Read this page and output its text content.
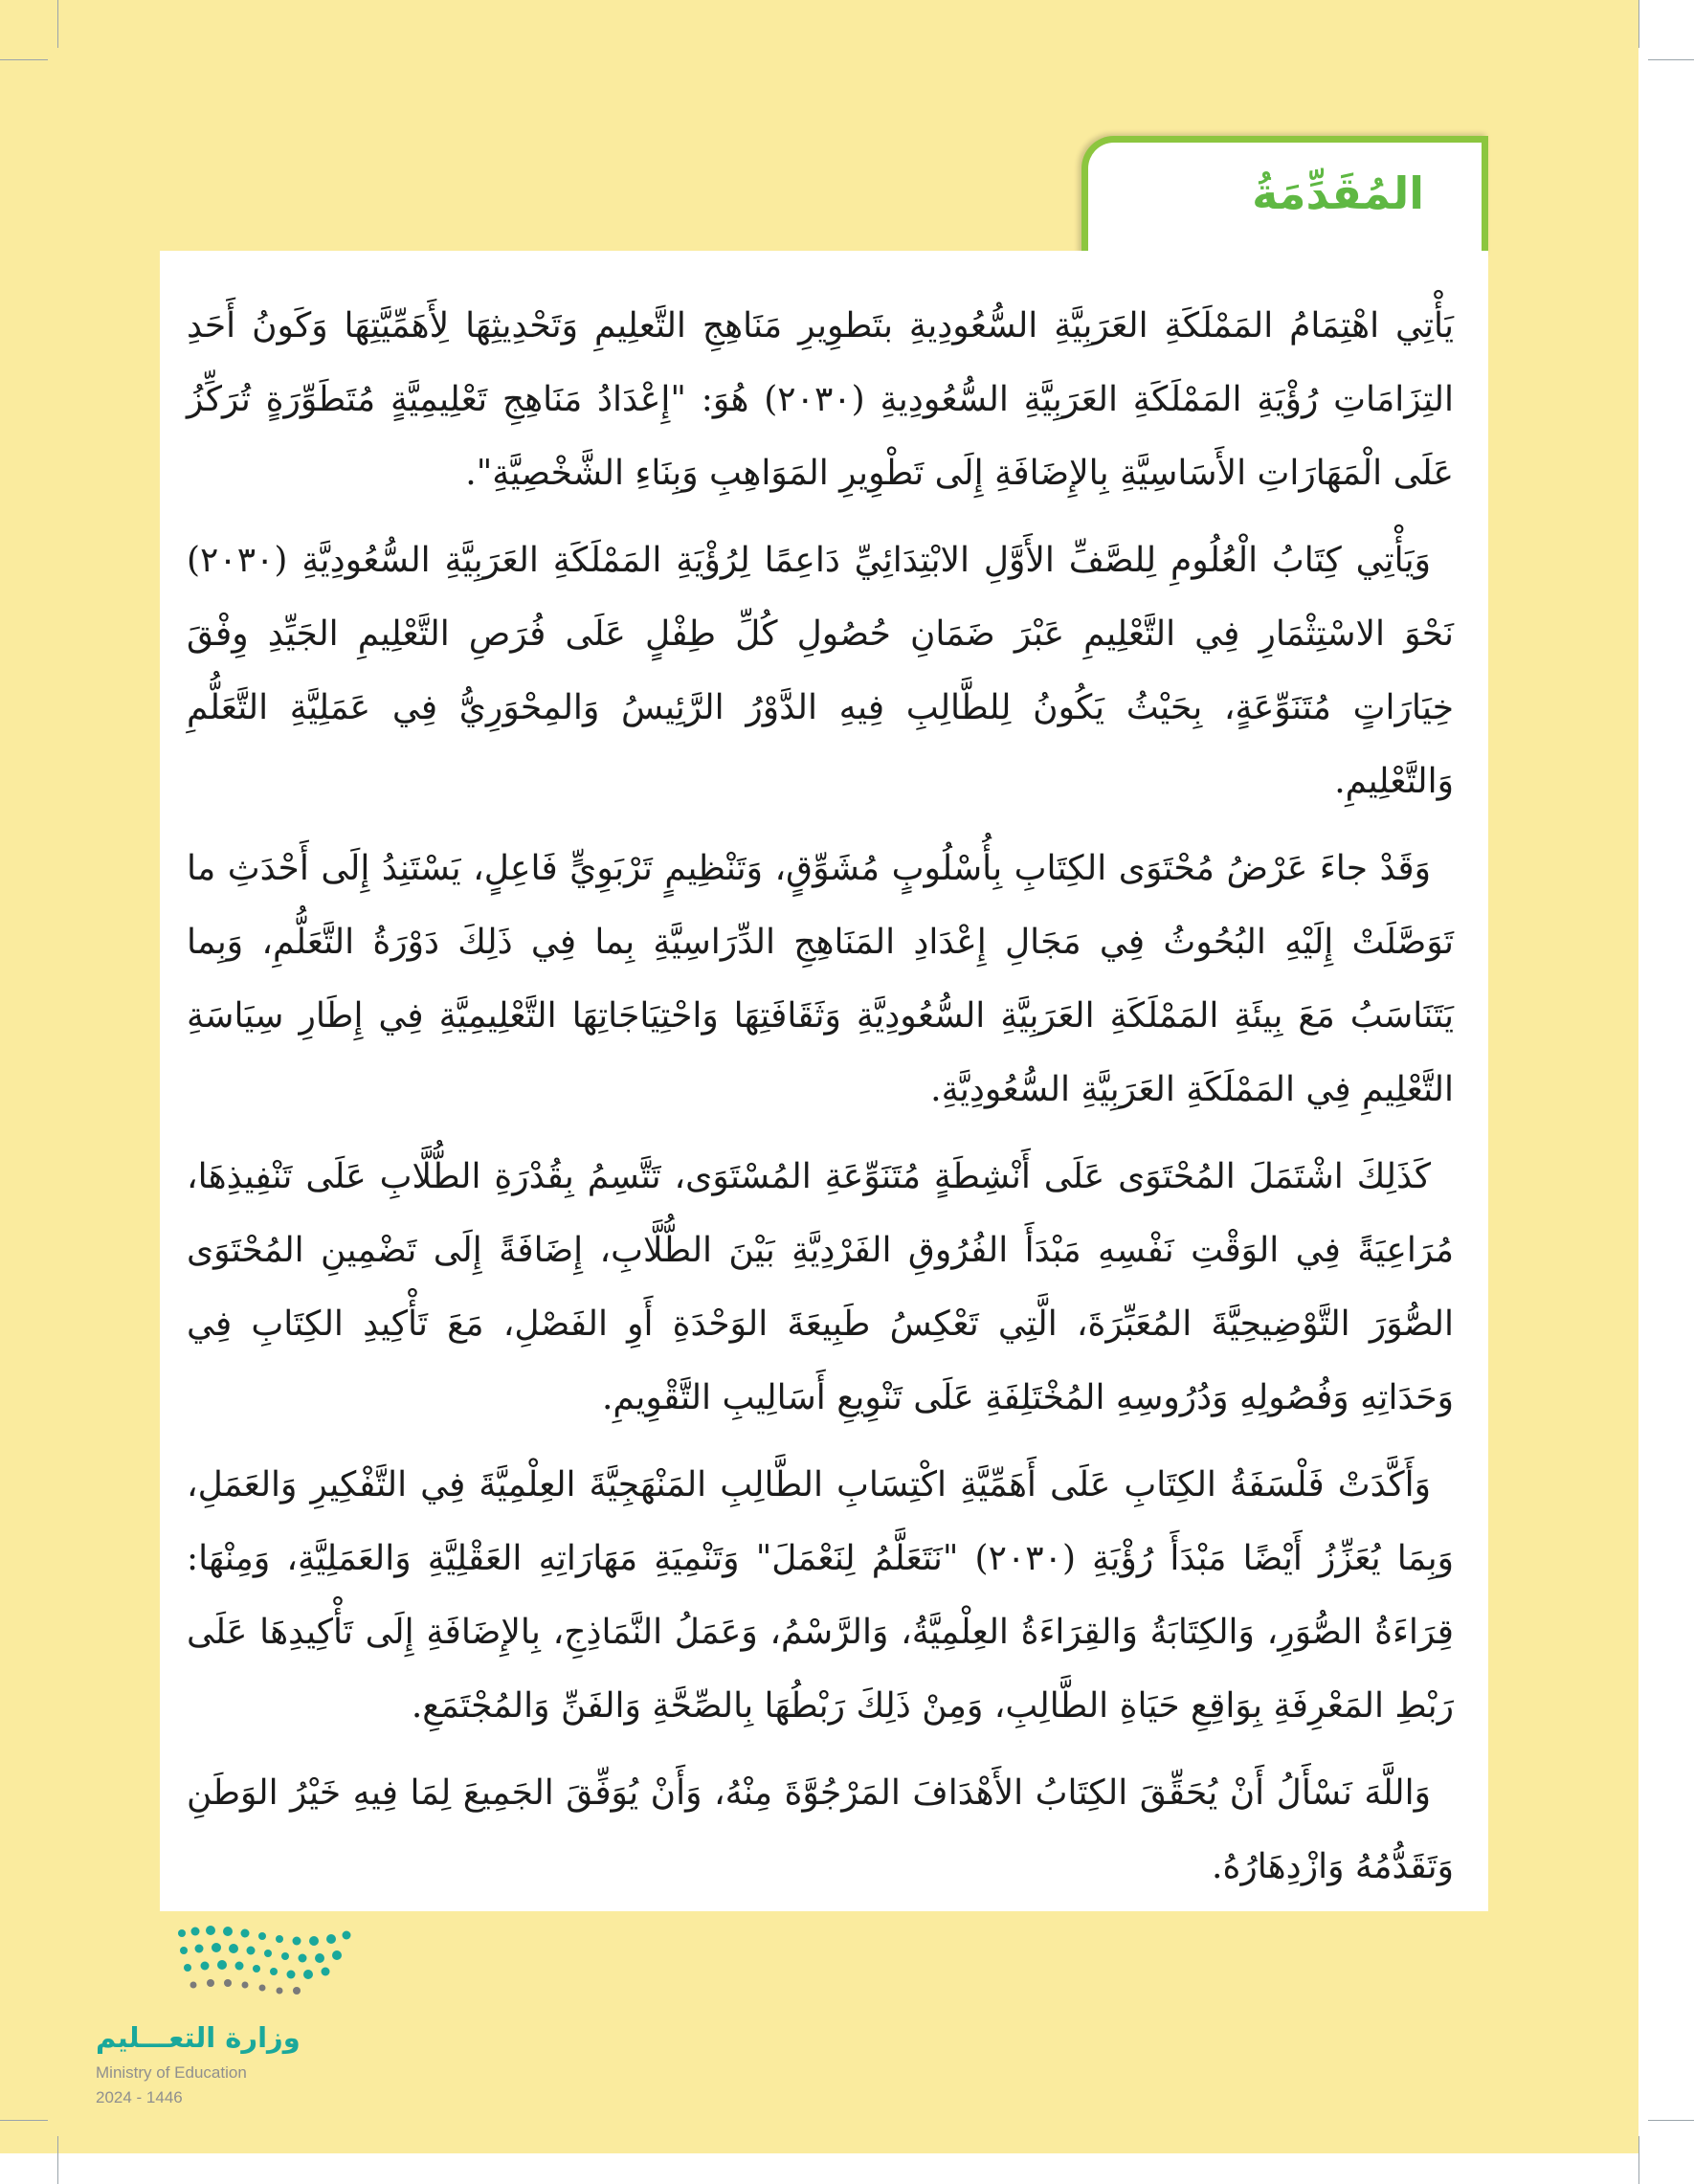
المُقَدِّمَةُ

يَأْتِي اهْتِمَامُ المَمْلَكَةِ العَرَبِيَّةِ السُّعُودِيةِ بتَطوِيرِ مَنَاهِجِ التَّعلِيمِ وَتَحْدِيثِهَا لِأَهَمِّيَّتِهَا وَكَونُ أَحَدِ التِزَامَاتِ رُؤْيَةِ المَمْلَكَةِ العَرَبِيَّةِ السُّعُودِيةِ (٢٠٣٠) هُوَ: "إِعْدَادُ مَنَاهِجِ تَعْلِيمِيَّةٍ مُتَطَوِّرَةٍ تُرَكِّزُ عَلَى الْمَهَارَاتِ الأَسَاسِيَّةِ بِالإِضَافَةِ إِلَى تَطْوِيرِ المَوَاهِبِ وَبِنَاءِ الشَّخْصِيَّةِ".

وَيَأْتِي كِتَابُ الْعُلُومِ لِلصَّفِّ الأَوَّلِ الابْتِدَائِيِّ دَاعِمًا لِرُؤْيَةِ المَمْلَكَةِ العَرَبِيَّةِ السُّعُودِيَّةِ (٢٠٣٠) نَحْوَ الاسْتِثْمَارِ فِي التَّعْلِيمِ عَبْرَ ضَمَانِ حُصُولِ كُلِّ طِفْلٍ عَلَى فُرَصِ التَّعْلِيمِ الجَيِّدِ وِفْقَ خِيَارَاتٍ مُتَنَوِّعَةٍ، بِحَيْثُ يَكُونُ لِلطَّالِبِ فِيهِ الدَّوْرُ الرَّئِيسُ وَالمِحْوَرِيُّ فِي عَمَلِيَّةِ التَّعَلُّمِ وَالتَّعْلِيمِ.

وَقَدْ جاءَ عَرْضُ مُحْتَوَى الكِتَابِ بِأُسْلُوبٍ مُشَوِّقٍ، وَتَنْظِيمٍ تَرْبَوِيٍّ فَاعِلٍ، يَسْتَنِدُ إِلَى أَحْدَثِ ما تَوَصَّلَتْ إِلَيْهِ البُحُوثُ فِي مَجَالِ إِعْدَادِ المَنَاهِجِ الدِّرَاسِيَّةِ بِما فِي ذَلِكَ دَوْرَةُ التَّعَلُّمِ، وَبِما يَتَنَاسَبُ مَعَ بِيئَةِ المَمْلَكَةِ العَرَبِيَّةِ السُّعُودِيَّةِ وَثَقَافَتِهَا وَاحْتِيَاجَاتِهَا التَّعْلِيمِيَّةِ فِي إِطَارِ سِيَاسَةِ التَّعْلِيمِ فِي المَمْلَكَةِ العَرَبِيَّةِ السُّعُودِيَّةِ.

كَذَلِكَ اشْتَمَلَ المُحْتَوَى عَلَى أَنْشِطَةٍ مُتَنَوِّعَةِ المُسْتَوَى، تَتَّسِمُ بِقُدْرَةِ الطُّلَّابِ عَلَى تَنْفِيذِهَا، مُرَاعِيَةً فِي الوَقْتِ نَفْسِهِ مَبْدَأَ الفُرُوقِ الفَرْدِيَّةِ بَيْنَ الطُّلَّابِ، إِضَافَةً إِلَى تَضْمِينِ المُحْتَوَى الصُّوَرَ التَّوْضِيحِيَّةَ المُعَبِّرَةَ، الَّتِي تَعْكِسُ طَبِيعَةَ الوَحْدَةِ أَوِ الفَصْلِ، مَعَ تَأْكِيدِ الكِتَابِ فِي وَحَدَاتِهِ وَفُصُولِهِ وَدُرُوسِهِ المُخْتَلِفَةِ عَلَى تَنْوِيعِ أَسَالِيبِ التَّقْوِيمِ.

وَأَكَّدَتْ فَلْسَفَةُ الكِتَابِ عَلَى أَهَمِّيَّةِ اكْتِسَابِ الطَّالِبِ المَنْهَجِيَّةَ العِلْمِيَّةَ فِي التَّفْكِيرِ وَالعَمَلِ، وَبِمَا يُعَزِّزُ أَيْضًا مَبْدَأَ رُؤْيَةِ (٢٠٣٠) "نَتَعَلَّمُ لِنَعْمَلَ" وَتَنْمِيَةِ مَهَارَاتِهِ العَقْلِيَّةِ وَالعَمَلِيَّةِ، وَمِنْهَا: قِرَاءَةُ الصُّوَرِ، وَالكِتَابَةُ وَالقِرَاءَةُ العِلْمِيَّةُ، وَالرَّسْمُ، وَعَمَلُ النَّمَاذِجِ، بِالإِضَافَةِ إِلَى تَأْكِيدِهَا عَلَى رَبْطِ المَعْرِفَةِ بِوَاقِعِ حَيَاةِ الطَّالِبِ، وَمِنْ ذَلِكَ رَبْطُهَا بِالصِّحَّةِ وَالفَنِّ وَالمُجْتَمَعِ.

وَاللَّهَ نَسْأَلُ أَنْ يُحَقِّقَ الكِتَابُ الأَهْدَافَ المَرْجُوَّةَ مِنْهُ، وَأَنْ يُوَفِّقَ الجَمِيعَ لِمَا فِيهِ خَيْرُ الوَطَنِ وَتَقَدُّمُهُ وَازْدِهَارُهُ.

وزارة التعـــليم
Ministry of Education
2024 - 1446
